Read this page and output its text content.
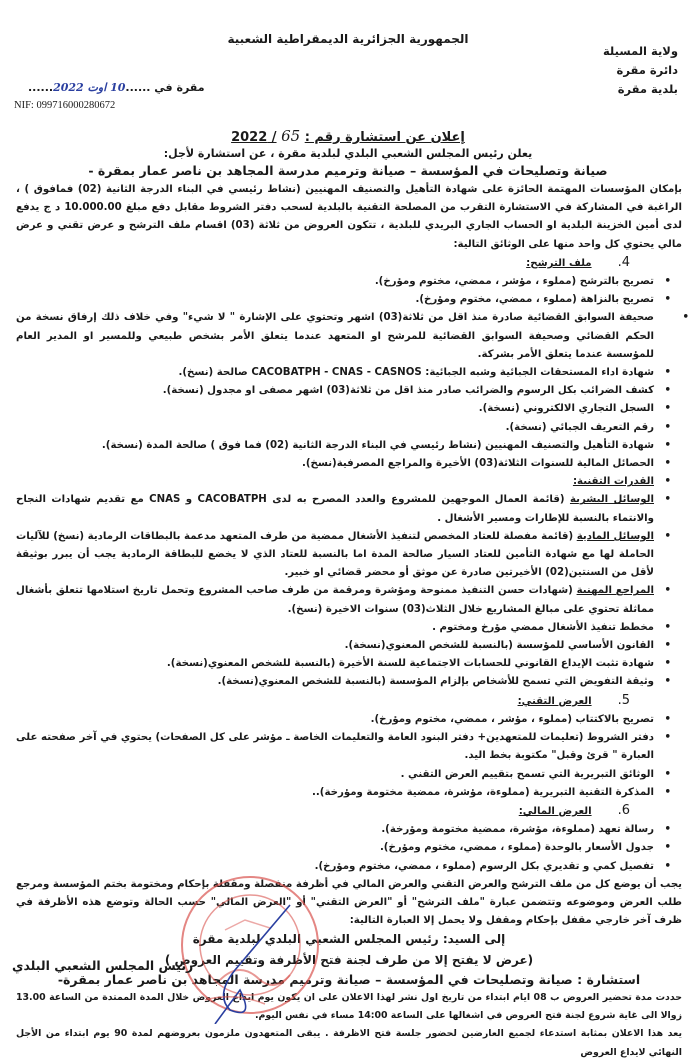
الجمهورية الجزائرية الديمقراطية الشعبية
ولاية المسيلة
دائرة مقرة
بلدية مقرة
مقرة في ......10 اوت 2022......
NIF: 099716000280672
إعلان عن استشارة رقم : 65 / 2022
يعلن رئيس المجلس الشعبي البلدي لبلدية مقرة ، عن استشارة لأجل:
صيانة وتصليحات في المؤسسة – صيانة وترميم مدرسة المجاهد بن ناصر عمار بمقرة -

بإمكان المؤسسات المهتمة الحائزة على شهادة التأهيل والتصنيف المهنيين (نشاط رئيسي في البناء الدرجة الثانية (02) فمافوق ) ، الراغبة في المشاركة في الاستشارة التقرب من المصلحة التقنية بالبلدية لسحب دفتر الشروط مقابل دفع مبلغ 10.000.00 د ج يدفع لدى أمين الخزينة البلدية او الحساب الجاري البريدي للبلدية ، تتكون العروض من ثلاثة (03) اقسام ملف الترشح و عرض تقني و عرض مالي يحتوي كل واحد منها على الوثائق التالية:

4.ملف الترشح:
• تصريح بالترشح (مملوء ، مؤشر ، ممضي، مختوم ومؤرخ).
• تصريح بالنزاهة (مملوء ، ممضي، مختوم ومؤرخ).
• صحيفة السوابق القضائية صادرة منذ اقل من ثلاثة(03) اشهر وتحتوي على الإشارة " لا شيء" وفي خلاف ذلك إرفاق نسخة من الحكم القضائي وصحيفة السوابق القضائية للمرشح او المتعهد عندما يتعلق الأمر بشخص طبيعي وللمسير او المدير العام للمؤسسة عندما يتعلق الأمر بشركة.
• شهادة اداء المستحقات الجبائية وشبه الجبائية: CACOBATPH - CNAS - CASNOS صالحة (نسخ).
• كشف الضرائب بكل الرسوم والضرائب صادر منذ اقل من ثلاثة(03) اشهر مصفى او مجدول (نسخة).
• السجل التجاري الالكتروني (نسخة).
• رقم التعريف الجبائي (نسخة).
• شهادة التأهيل والتصنيف المهنيين (نشاط رئيسي في البناء الدرجة الثانية (02) فما فوق ) صالحة المدة (نسخة).
• الحصائل المالية للسنوات الثلاثة(03) الأخيرة والمراجع المصرفية(نسخ).
• القدرات التقنية:
• الوسائل البشرية (قائمة العمال الموجهين للمشروع والعدد المصرح به لدى CACOBATPH و CNAS مع تقديم شهادات النجاح والانتماء بالنسبة للإطارات ومسير الأشغال .
• الوسائل المادية (قائمة مفصلة للعتاد المخصص لتنفيذ الأشغال ممضية من طرف المتعهد مدعمة بالبطاقات الرمادية (نسخ) للآليات الحاملة لها مع شهادة التأمين للعتاد السيار صالحة المدة اما بالنسبة للعتاد الذي لا يخضع للبطاقة الرمادية يجب أن يبرر بوثيقة لأقل من السنتين(02) الأخيرتين صادرة عن موثق أو محضر قضائي او خبير.
• المراجع المهنية (شهادات حسن التنفيذ ممنوحة ومؤشرة ومرقمة من طرف صاحب المشروع وتحمل تاريخ استلامها تتعلق بأشغال مماثلة تحتوي على مبالغ المشاريع خلال الثلاث(03) سنوات الاخيرة (نسخ).
• مخطط تنفيذ الأشغال ممضي مؤرخ ومختوم .
• القانون الأساسي للمؤسسة (بالنسبة للشخص المعنوي(نسخة).
• شهادة تثبت الإيداع القانوني للحسابات الاجتماعية للسنة الأخيرة (بالنسبة للشخص المعنوي(نسخة).
• وثيقة التفويض التي تسمح للأشخاص بإلزام المؤسسة (بالنسبة للشخص المعنوي(نسخة).
5.العرض التقني:
• تصريح بالاكتتاب (مملوء ، مؤشر ، ممضي، مختوم ومؤرخ).
• دفتر الشروط (تعليمات للمتعهدين+ دفتر البنود العامة والتعليمات الخاصة ـ مؤشر على كل الصفحات) يحتوي في آخر صفحته على العبارة " قرئ وقبل" مكتوبة بخط اليد.
• الوثائق التبريرية التي تسمح بتقييم العرض التقني .
• المذكرة التقنية التبريرية (مملوءة، مؤشرة، ممضية مختومة ومؤرخة)..
6.العرض المالي:
• رسالة تعهد (مملوءة، مؤشرة، ممضية مختومة ومؤرخة).
• جدول الأسعار بالوحدة (مملوء ، ممضي، مختوم ومؤرخ).
• تفصيل كمي و تقديري بكل الرسوم (مملوء ، ممضي، مختوم ومؤرخ).

يجب أن يوضع كل من ملف الترشح والعرض التقني والعرض المالي في أظرفة منفصلة ومقفلة بإحكام ومختومة بختم المؤسسة ومرجع طلب العرض وموضوعه وتتضمن عبارة "ملف الترشح" أو "العرض التقني" أو "العرض المالي" حسب الحالة وتوضع هذه الأظرفة في ظرف آخر خارجي مقفل بإحكام ومقفل ولا يحمل إلا العبارة التالية:

إلى السيد: رئيس المجلس الشعبي البلدي لبلدية مقرة

(عرض لا يفتح إلا من طرف لجنة فتح الأظرفة وتقييم العروض )

استشارة : صيانة وتصليحات في المؤسسة – صيانة وترميم مدرسة المجاهد بن ناصر عمار بمقرة-

حددت مدة تحضير العروض ب 08 ايام ابتداء من تاريخ اول نشر لهذا الاعلان على ان يكون يوم ايداع العروض خلال المدة الممتدة من الساعة 13.00 زوالا الى غاية شروع لجنة فتح العروض في اشغالها على الساعة 14:00 مساء في نفس اليوم.

يعد هذا الاعلان بمثابة استدعاء لجميع العارضين لحضور جلسة فتح الاظرفة . يبقى المتعهدون ملزمون بعروضهم لمدة 90 يوم ابتداء من الأجل النهائي لايداع العروض

رئيس المجلس الشعبي البلدي
